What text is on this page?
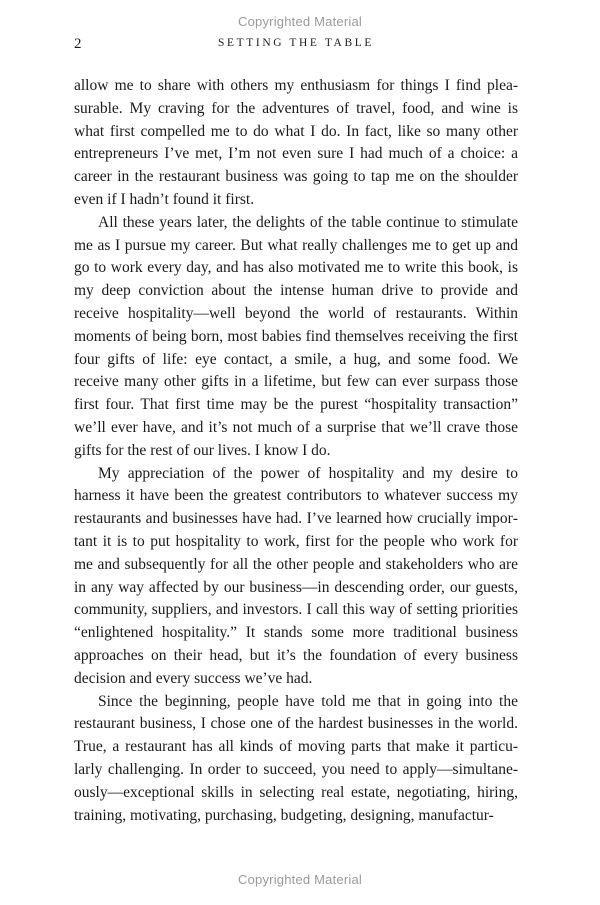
Copyrighted Material
2	SETTING THE TABLE

allow me to share with others my enthusiasm for things I find pleasurable. My craving for the adventures of travel, food, and wine is what first compelled me to do what I do. In fact, like so many other entrepreneurs I’ve met, I’m not even sure I had much of a choice: a career in the restaurant business was going to tap me on the shoulder even if I hadn’t found it first.

All these years later, the delights of the table continue to stimulate me as I pursue my career. But what really challenges me to get up and go to work every day, and has also motivated me to write this book, is my deep conviction about the intense human drive to provide and receive hospitality—well beyond the world of restaurants. Within moments of being born, most babies find themselves receiving the first four gifts of life: eye contact, a smile, a hug, and some food. We receive many other gifts in a lifetime, but few can ever surpass those first four. That first time may be the purest “hospitality transaction” we’ll ever have, and it’s not much of a surprise that we’ll crave those gifts for the rest of our lives. I know I do.

My appreciation of the power of hospitality and my desire to harness it have been the greatest contributors to whatever success my restaurants and businesses have had. I’ve learned how crucially important it is to put hospitality to work, first for the people who work for me and subsequently for all the other people and stakeholders who are in any way affected by our business—in descending order, our guests, community, suppliers, and investors. I call this way of setting priorities “enlightened hospitality.” It stands some more traditional business approaches on their head, but it’s the foundation of every business decision and every success we’ve had.

Since the beginning, people have told me that in going into the restaurant business, I chose one of the hardest businesses in the world. True, a restaurant has all kinds of moving parts that make it particularly challenging. In order to succeed, you need to apply—simultaneously—exceptional skills in selecting real estate, negotiating, hiring, training, motivating, purchasing, budgeting, designing, manufactur-

Copyrighted Material
